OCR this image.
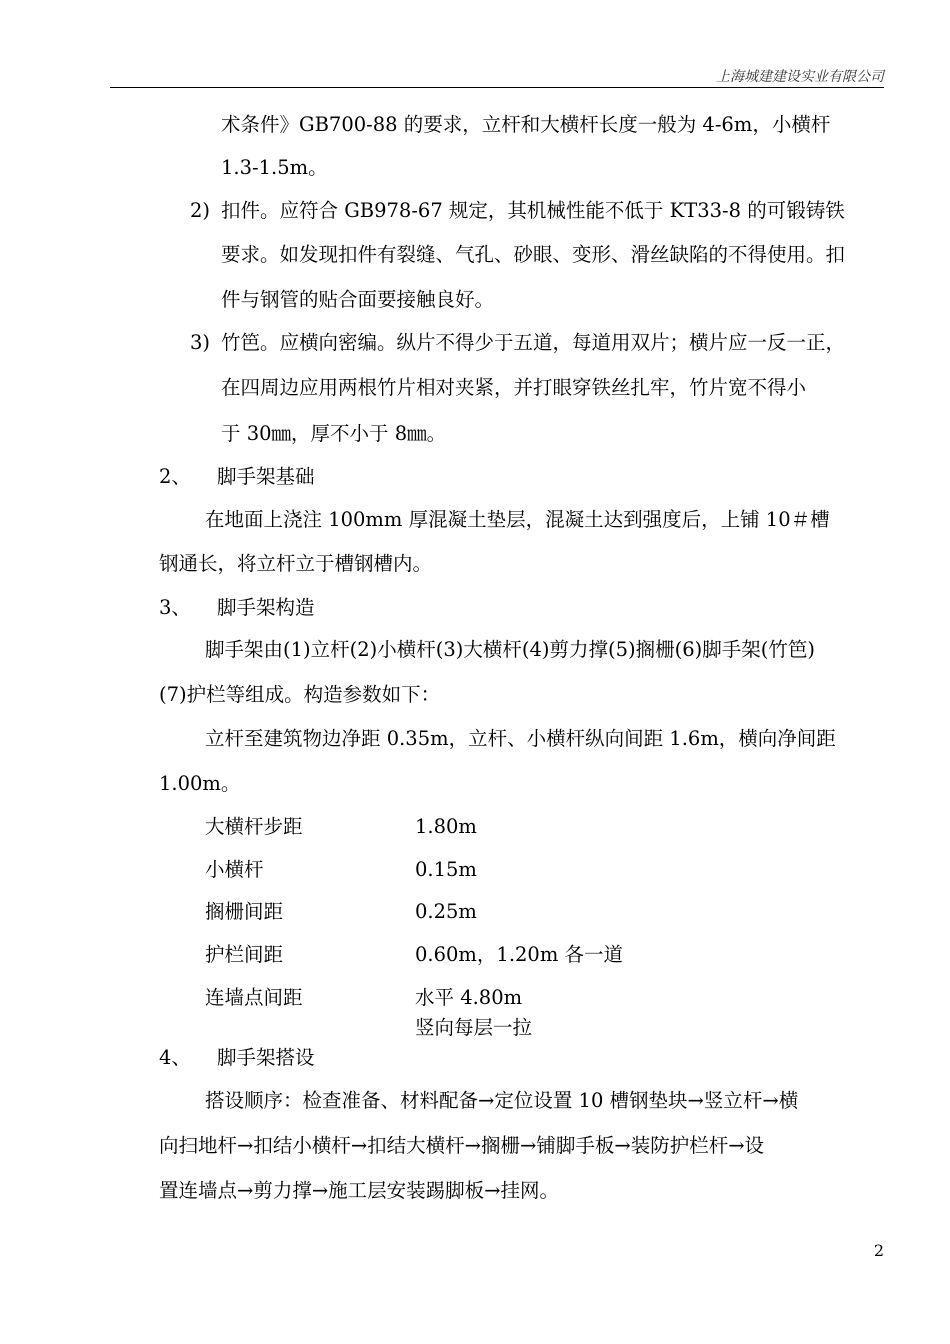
上海城建建设实业有限公司
术条件》GB700-88 的要求，立杆和大横杆长度一般为 4-6m，小横杆
1.3-1.5m。
2) 扣件。应符合 GB978-67 规定，其机械性能不低于 KT33-8 的可锻铸铁
要求。如发现扣件有裂缝、气孔、砂眼、变形、滑丝缺陷的不得使用。扣
件与钢管的贴合面要接触良好。
3) 竹笆。应横向密编。纵片不得少于五道，每道用双片；横片应一反一正，
在四周边应用两根竹片相对夹紧，并打眼穿铁丝扎牢，竹片宽不得小
于 30㎜，厚不小于 8㎜。
2、 脚手架基础
在地面上浇注 100mm 厚混凝土垫层，混凝土达到强度后，上铺 10＃槽
钢通长，将立杆立于槽钢槽内。
3、 脚手架构造
脚手架由(1)立杆(2)小横杆(3)大横杆(4)剪力撑(5)搁栅(6)脚手架(竹笆)
(7)护栏等组成。构造参数如下：
立杆至建筑物边净距 0.35m，立杆、小横杆纵向间距 1.6m，横向净间距
1.00m。
大横杆步距	1.80m
小横杆	0.15m
搁栅间距	0.25m
护栏间距	0.60m，1.20m 各一道
连墙点间距	水平 4.80m
竖向每层一拉
4、 脚手架搭设
搭设顺序：检查准备、材料配备→定位设置 10 槽钢垫块→竖立杆→横
向扫地杆→扣结小横杆→扣结大横杆→搁栅→铺脚手板→装防护栏杆→设
置连墙点→剪力撑→施工层安装踢脚板→挂网。
2
